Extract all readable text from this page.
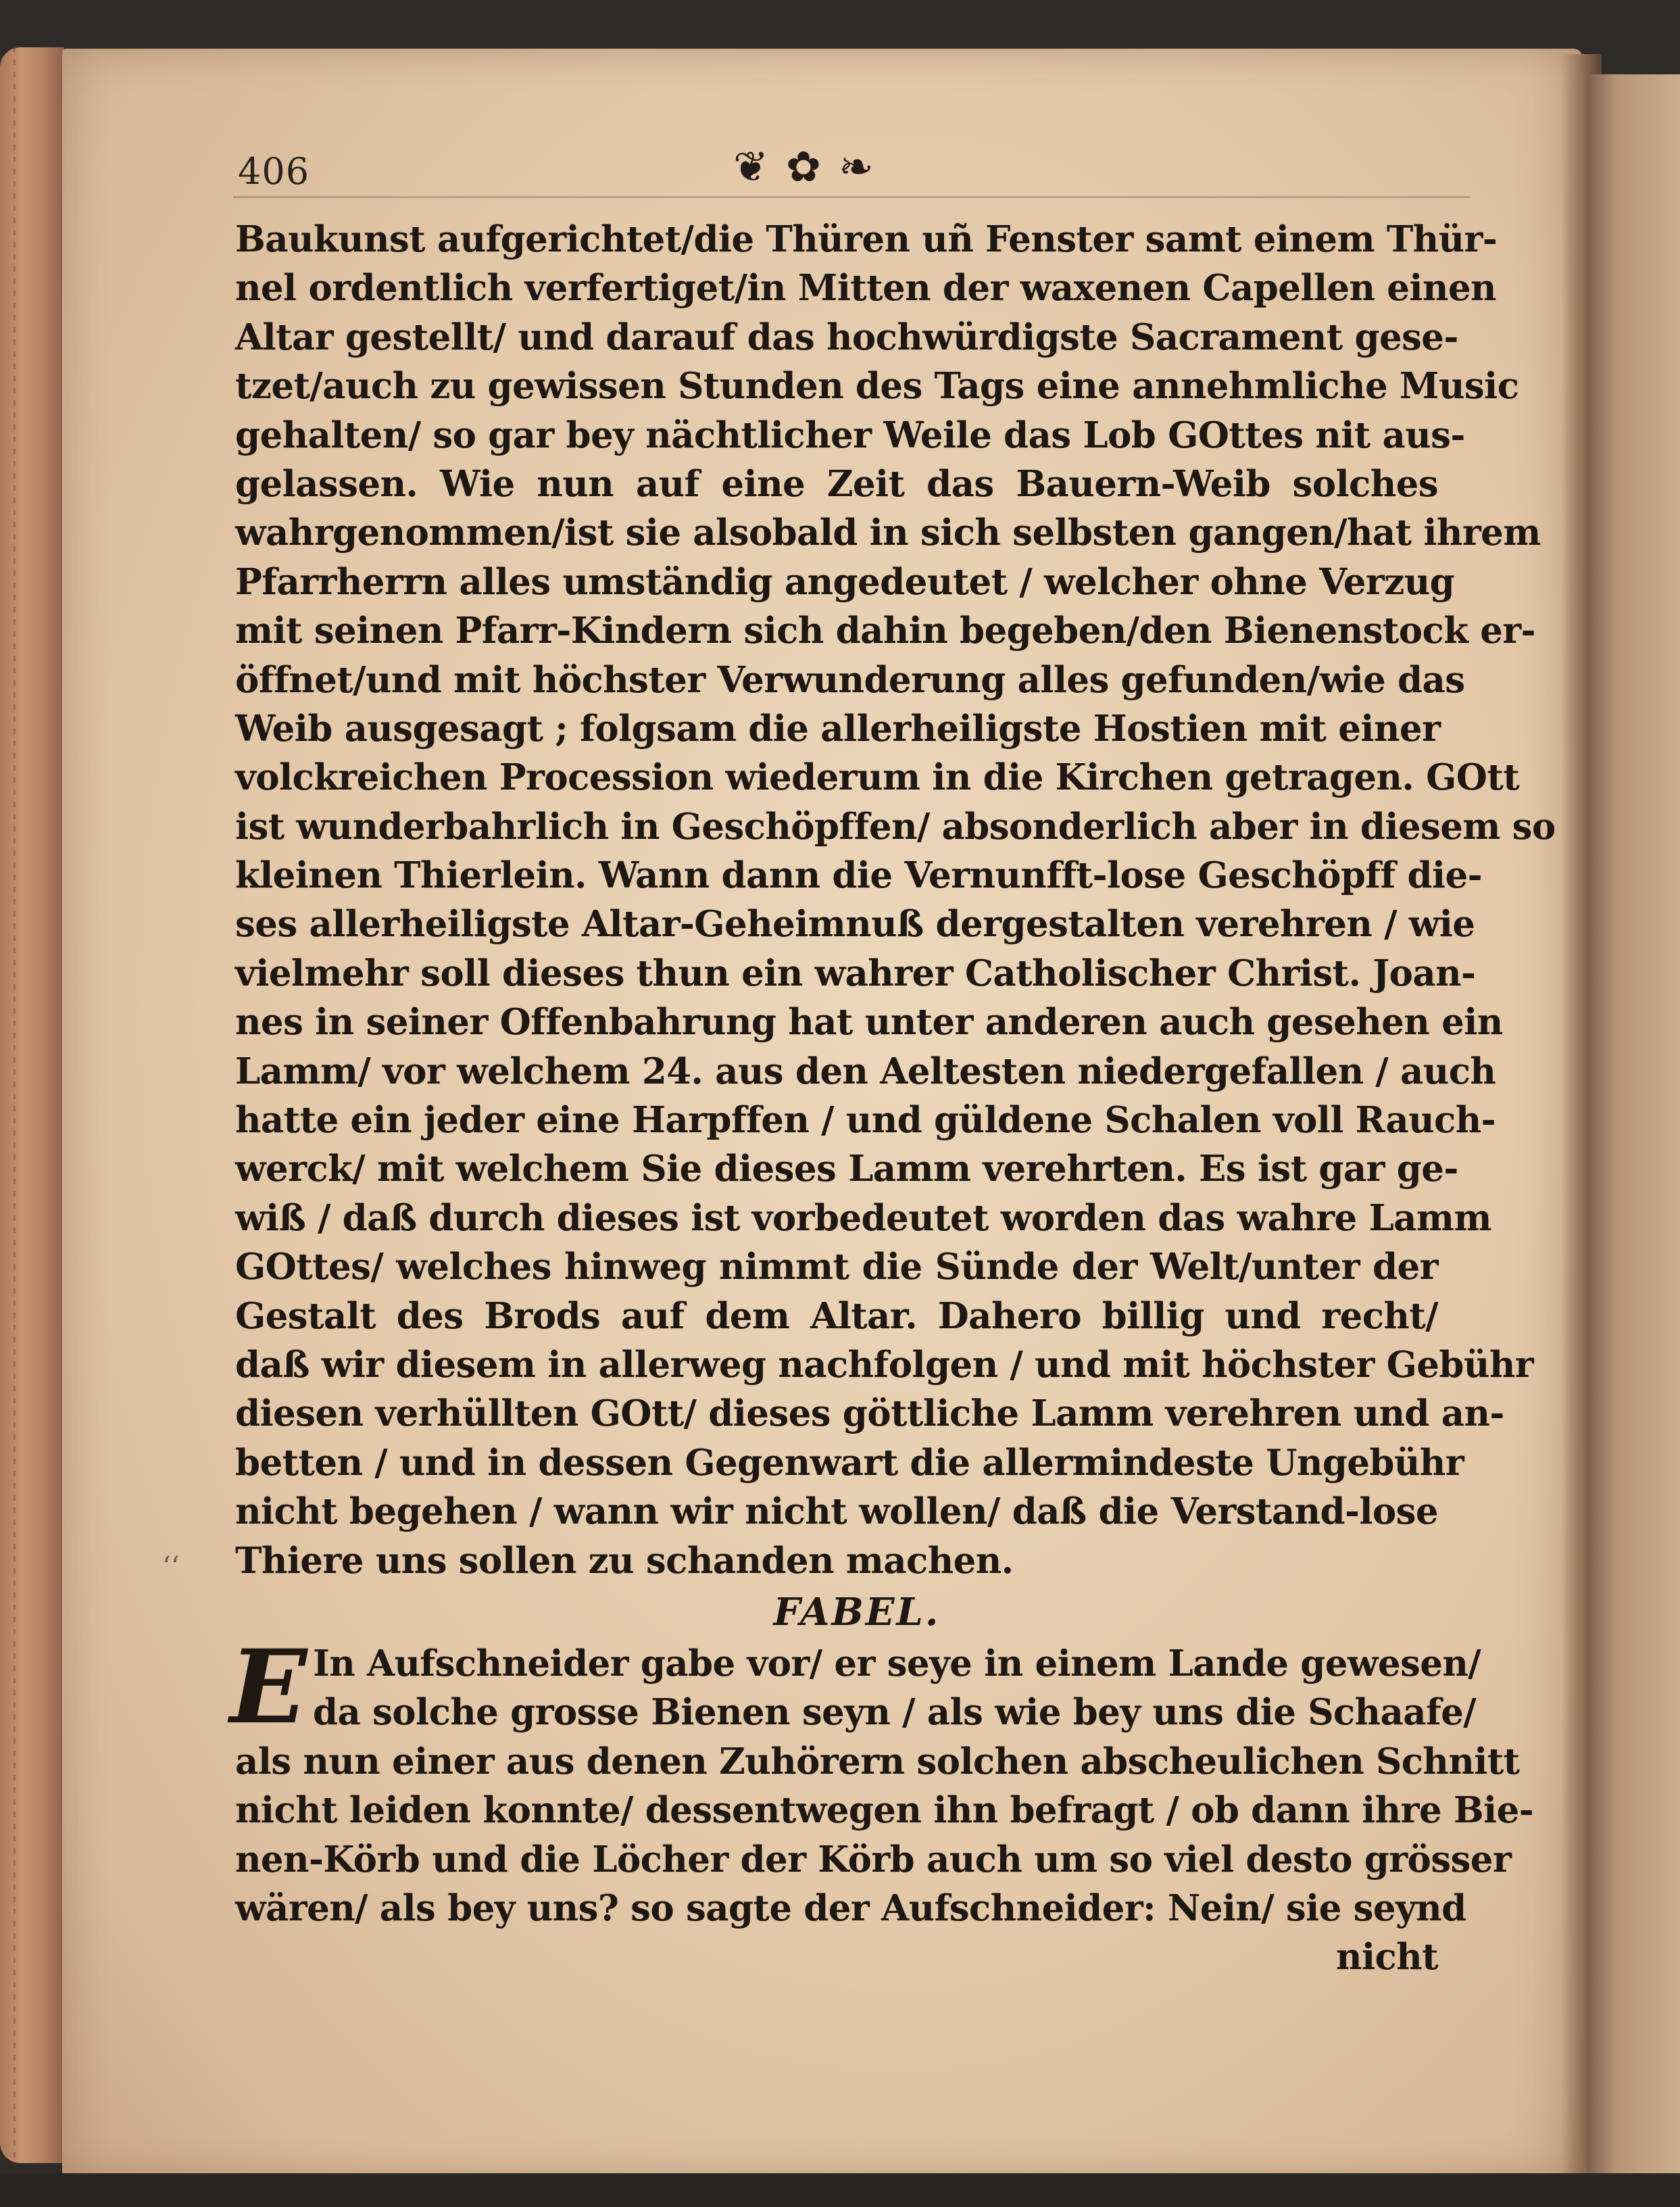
406	❦ ✿ ❧
‘‘
Baukunst aufgerichtet/die Thüren uñ Fenster samt einem Thür-
nel ordentlich verfertiget/in Mitten der waxenen Capellen einen
Altar gestellt/ und darauf das hochwürdigste Sacrament gese-
tzet/auch zu gewissen Stunden des Tags eine annehmliche Music
gehalten/ so gar bey nächtlicher Weile das Lob GOttes nit aus-
gelassen. Wie nun auf eine Zeit das Bauern-Weib solches
wahrgenommen/ist sie alsobald in sich selbsten gangen/hat ihrem
Pfarrherrn alles umständig angedeutet / welcher ohne Verzug
mit seinen Pfarr-Kindern sich dahin begeben/den Bienenstock er-
öffnet/und mit höchster Verwunderung alles gefunden/wie das
Weib ausgesagt ; folgsam die allerheiligste Hostien mit einer
volckreichen Procession wiederum in die Kirchen getragen. GOtt
ist wunderbahrlich in Geschöpffen/ absonderlich aber in diesem so
kleinen Thierlein. Wann dann die Vernunfft-lose Geschöpff die-
ses allerheiligste Altar-Geheimnuß dergestalten verehren / wie
vielmehr soll dieses thun ein wahrer Catholischer Christ. Joan-
nes in seiner Offenbahrung hat unter anderen auch gesehen ein
Lamm/ vor welchem 24. aus den Aeltesten niedergefallen / auch
hatte ein jeder eine Harpffen / und güldene Schalen voll Rauch-
werck/ mit welchem Sie dieses Lamm verehrten. Es ist gar ge-
wiß / daß durch dieses ist vorbedeutet worden das wahre Lamm
GOttes/ welches hinweg nimmt die Sünde der Welt/unter der
Gestalt des Brods auf dem Altar. Dahero billig und recht/
daß wir diesem in allerweg nachfolgen / und mit höchster Gebühr
diesen verhüllten GOtt/ dieses göttliche Lamm verehren und an-
betten / und in dessen Gegenwart die allermindeste Ungebühr
nicht begehen / wann wir nicht wollen/ daß die Verstand-lose
Thiere uns sollen zu schanden machen.
FABEL.
E In Aufschneider gabe vor/ er seye in einem Lande gewesen/
da solche grosse Bienen seyn / als wie bey uns die Schaafe/
als nun einer aus denen Zuhörern solchen abscheulichen Schnitt
nicht leiden konnte/ dessentwegen ihn befragt / ob dann ihre Bie-
nen-Körb und die Löcher der Körb auch um so viel desto grösser
wären/ als bey uns? so sagte der Aufschneider: Nein/ sie seynd
nicht
